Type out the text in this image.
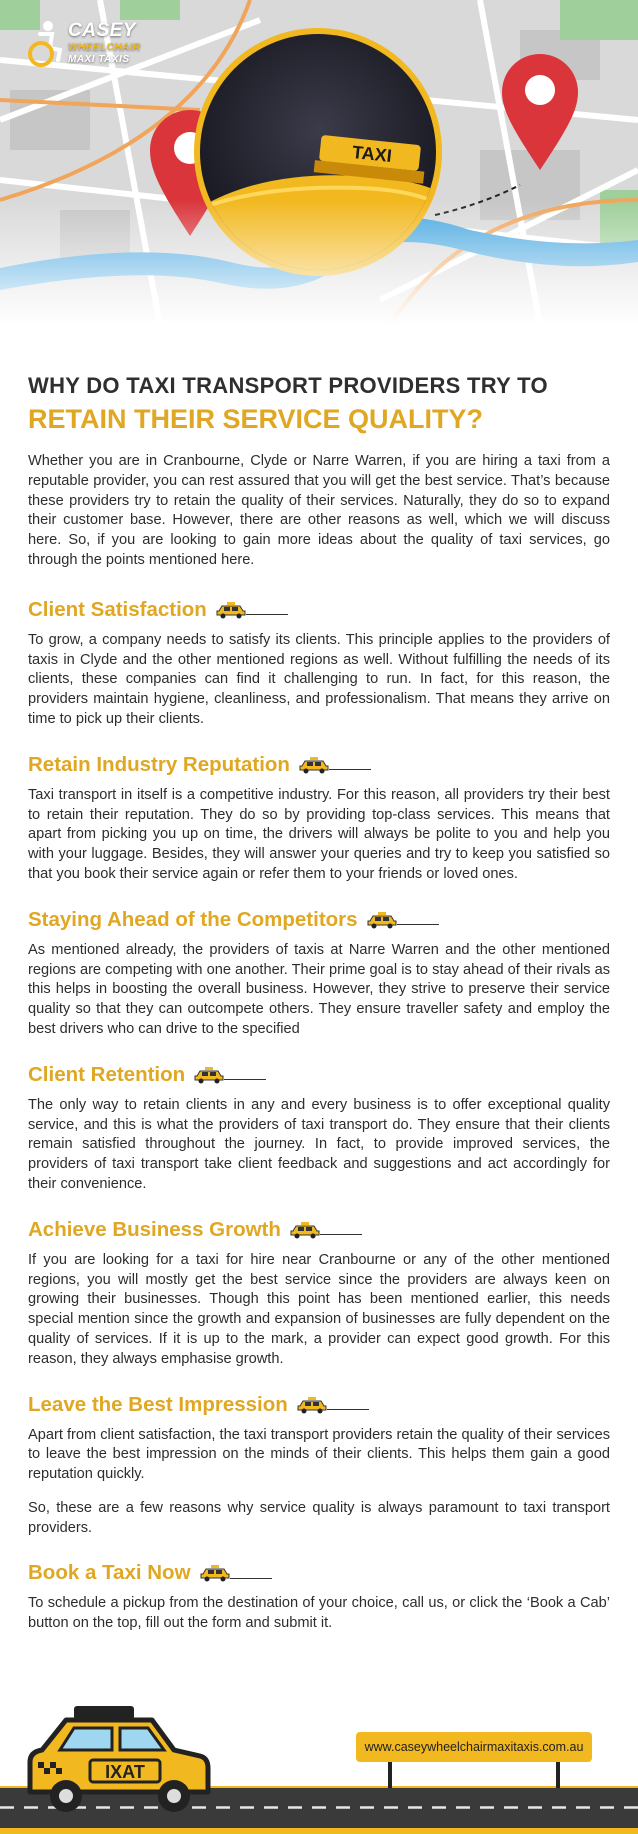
TAXI
CASEY
WHEELCHAIR
MAXI TAXIS
WHY DO TAXI TRANSPORT PROVIDERS TRY TO
RETAIN THEIR SERVICE QUALITY?

Whether you are in Cranbourne, Clyde or Narre Warren, if you are hiring a taxi from a reputable provider, you can rest assured that you will get the best service. That’s because these providers try to retain the quality of their services. Naturally, they do so to expand their customer base. However, there are other reasons as well, which we will discuss here. So, if you are looking to gain more ideas about the quality of taxi services, go through the points mentioned here.

Client Satisfaction

To grow, a company needs to satisfy its clients. This principle applies to the providers of taxis in Clyde and the other mentioned regions as well. Without fulfilling the needs of its clients, these companies can find it challenging to run. In fact, for this reason, the providers maintain hygiene, cleanliness, and professionalism. That means they arrive on time to pick up their clients.

Retain Industry Reputation

Taxi transport in itself is a competitive industry. For this reason, all providers try their best to retain their reputation. They do so by providing top-class services. This means that apart from picking you up on time, the drivers will always be polite to you and help you with your luggage. Besides, they will answer your queries and try to keep you satisfied so that you book their service again or refer them to your friends or loved ones.

Staying Ahead of the Competitors

As mentioned already, the providers of taxis at Narre Warren and the other mentioned regions are competing with one another. Their prime goal is to stay ahead of their rivals as this helps in boosting the overall business. However, they strive to preserve their service quality so that they can outcompete others. They ensure traveller safety and employ the best drivers who can drive to the specified

Client Retention

The only way to retain clients in any and every business is to offer exceptional quality service, and this is what the providers of taxi transport do. They ensure that their clients remain satisfied throughout the journey. In fact, to provide improved services, the providers of taxi transport take client feedback and suggestions and act accordingly for their convenience.

Achieve Business Growth

If you are looking for a taxi for hire near Cranbourne or any of the other mentioned regions, you will mostly get the best service since the providers are always keen on growing their businesses. Though this point has been mentioned earlier, this needs special mention since the growth and expansion of businesses are fully dependent on the quality of services. If it is up to the mark, a provider can expect good growth. For this reason, they always emphasise growth.

Leave the Best Impression

Apart from client satisfaction, the taxi transport providers retain the quality of their services to leave the best impression on the minds of their clients. This helps them gain a good reputation quickly.

So, these are a few reasons why service quality is always paramount to taxi transport providers.

Book a Taxi Now

To schedule a pickup from the destination of your choice, call us, or click the ‘Book a Cab’ button on the top, fill out the form and submit it.

www.caseywheelchairmaxitaxis.com.au
IXAT
